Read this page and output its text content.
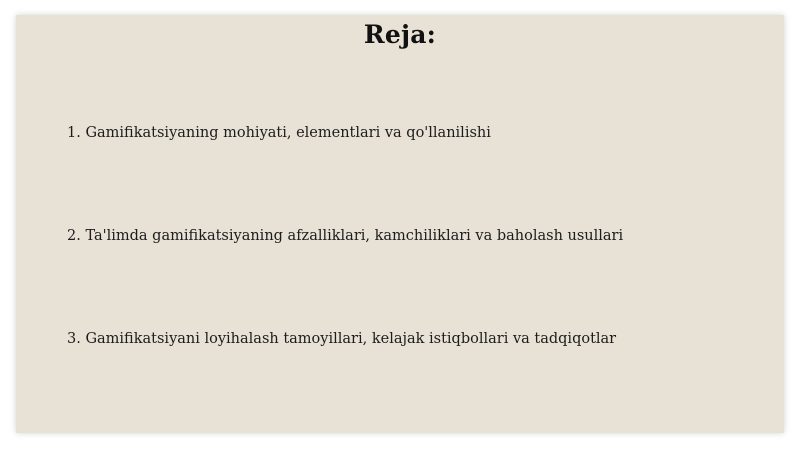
Reja:
1. Gamifikatsiyaning mohiyati, elementlari va qo'llanilishi
2. Ta'limda gamifikatsiyaning afzalliklari, kamchiliklari va baholash usullari
3. Gamifikatsiyani loyihalash tamoyillari, kelajak istiqbollari va tadqiqotlar
